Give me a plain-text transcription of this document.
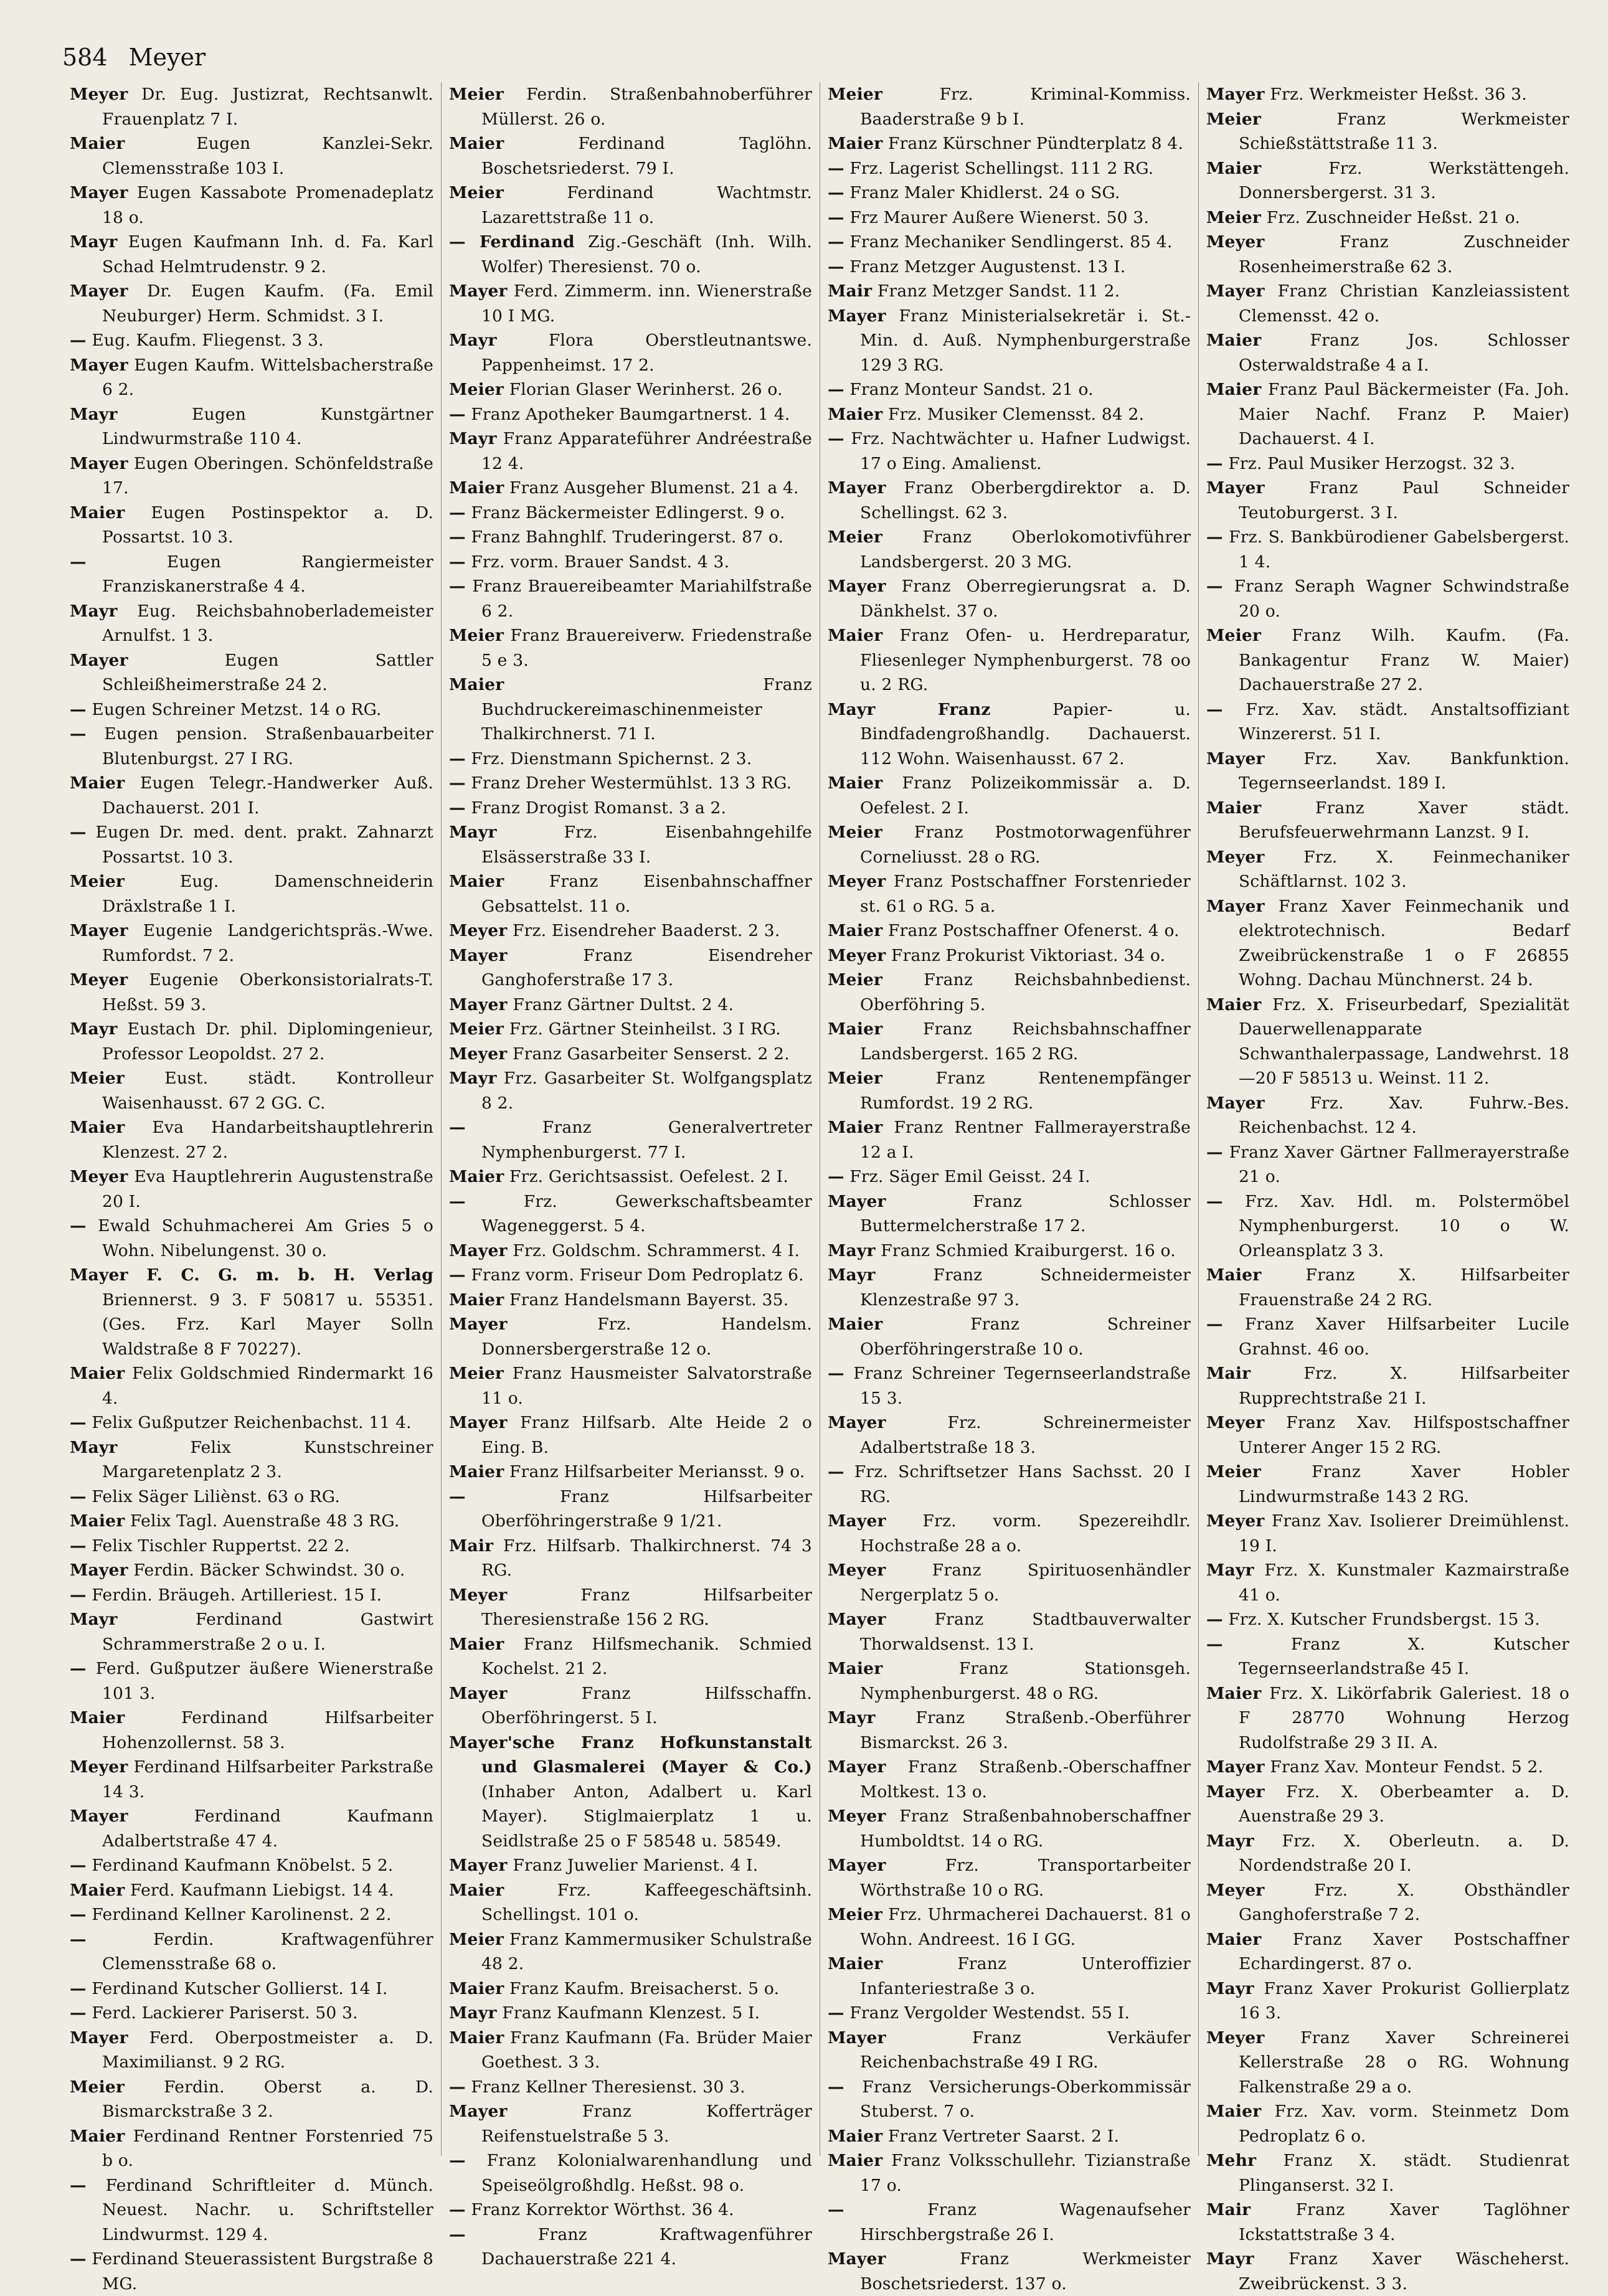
584 Meyer
Meyer Dr. Eug. Justizrat, Rechtsanwlt. Frauenplatz 7 I.
Maier	Eugen Kanzlei-Sekr. Clemensstraße 103 I.
Mayer Eugen Kassabote Promenadeplatz 18 o.
Mayr Eugen Kaufmann Inh. d. Fa. Karl Schad Helmtrudenstr. 9 2.
Mayer Dr. Eugen Kaufm. (Fa. Emil Neuburger) Herm. Schmidst. 3 I.
— Eug. Kaufm. Fliegenst. 3 3.
Mayer Eugen Kaufm. Wittelsbacherstraße 6 2.
Mayr	Eugen Kunstgärtner Lindwurmstraße 110 4.
Mayer Eugen Oberingen. Schönfeldstraße 17.
Maier Eugen Postinspektor a. D. Possartst. 10 3.
—	Eugen Rangiermeister Franziskanerstraße 4 4.
Mayr Eug. Reichsbahnoberlademeister Arnulfst. 1 3.
Mayer	Eugen Sattler Schleißheimerstraße 24 2.
— Eugen Schreiner Metzst. 14 o RG.
— Eugen pension. Straßenbauarbeiter Blutenburgst. 27 I RG.
Maier Eugen Telegr.-Handwerker Auß. Dachauerst. 201 I.
— Eugen Dr. med. dent. prakt. Zahnarzt Possartst. 10 3.
Meier	Eug. Damenschneiderin Dräxlstraße 1 I.
Mayer Eugenie Landgerichtspräs.-Wwe. Rumfordst. 7 2.
Meyer Eugenie Oberkonsistorialrats-T. Heßst. 59 3.
Mayr Eustach Dr. phil. Diplomingenieur, Professor Leopoldst. 27 2.
Meier Eust. städt. Kontrolleur Waisenhausst. 67 2 GG. C.
Maier Eva Handarbeitshauptlehrerin Klenzest. 27 2.
Meyer Eva Hauptlehrerin Augustenstraße 20 I.
— Ewald Schuhmacherei Am Gries 5 o Wohn. Nibelungenst. 30 o.
Mayer F. C. G. m. b. H. Verlag Briennerst. 9 3. F 50817 u. 55351. (Ges. Frz. Karl Mayer Solln Waldstraße 8 F 70227).
Maier Felix Goldschmied Rindermarkt 16 4.
— Felix Gußputzer Reichenbachst. 11 4.
Mayr	Felix Kunstschreiner Margaretenplatz 2 3.
— Felix Säger Liliènst. 63 o RG.
Maier Felix Tagl. Auenstraße 48 3 RG.
— Felix Tischler Ruppertst. 22 2.
Mayer Ferdin. Bäcker Schwindst. 30 o.
— Ferdin. Bräugeh. Artilleriest. 15 I.
Mayr	Ferdinand Gastwirt Schrammerstraße 2 o u. I.
— Ferd. Gußputzer äußere Wienerstraße 101 3.
Maier	Ferdinand Hilfsarbeiter Hohenzollernst. 58 3.
Meyer Ferdinand Hilfsarbeiter Parkstraße 14 3.
Mayer	Ferdinand Kaufmann Adalbertstraße 47 4.
— Ferdinand Kaufmann Knöbelst. 5 2.
Maier Ferd. Kaufmann Liebigst. 14 4.
— Ferdinand Kellner Karolinenst. 2 2.
—	Ferdin. Kraftwagenführer Clemensstraße 68 o.
— Ferdinand Kutscher Gollierst. 14 I.
— Ferd. Lackierer Pariserst. 50 3.
Mayer Ferd. Oberpostmeister a. D. Maximilianst. 9 2 RG.
Meier Ferdin. Oberst a. D. Bismarckstraße 3 2.
Maier Ferdinand Rentner Forstenried 75 b o.
— Ferdinand Schriftleiter d. Münch. Neuest. Nachr. u. Schriftsteller Lindwurmst. 129 4.
— Ferdinand Steuerassistent Burgstraße 8 MG.
Meier Ferdin. Straßenbahnoberführer Müllerst. 26 o.
Maier	Ferdinand Taglöhn. Boschetsriederst. 79 I.
Meier	Ferdinand Wachtmstr. Lazarettstraße 11 o.
— Ferdinand Zig.-Geschäft (Inh. Wilh. Wolfer) Theresienst. 70 o.
Mayer Ferd. Zimmerm. inn. Wienerstraße 10 I MG.
Mayr	Flora Oberstleutnantswe. Pappenheimst. 17 2.
Meier Florian Glaser Werinherst. 26 o.
— Franz Apotheker Baumgartnerst. 1 4.
Mayr Franz Apparateführer Andréestraße 12 4.
Maier Franz Ausgeher Blumenst. 21 a 4.
— Franz Bäckermeister Edlingerst. 9 o.
— Franz Bahnghlf. Truderingerst. 87 o.
— Frz. vorm. Brauer Sandst. 4 3.
— Franz Brauereibeamter Mariahilfstraße 6 2.
Meier Franz Brauereiverw. Friedenstraße 5 e 3.
Maier	Franz Buchdruckereimaschinenmeister Thalkirchnerst. 71 I.
— Frz. Dienstmann Spichernst. 2 3.
— Franz Dreher Westermühlst. 13 3 RG.
— Franz Drogist Romanst. 3 a 2.
Mayr	Frz. Eisenbahngehilfe Elsässerstraße 33 I.
Maier	Franz Eisenbahnschaffner Gebsattelst. 11 o.
Meyer Frz. Eisendreher Baaderst. 2 3.
Mayer	Franz Eisendreher Ganghoferstraße 17 3.
Mayer Franz Gärtner Dultst. 2 4.
Meier Frz. Gärtner Steinheilst. 3 I RG.
Meyer Franz Gasarbeiter Senserst. 2 2.
Mayr Frz. Gasarbeiter St. Wolfgangsplatz 8 2.
—	Franz Generalvertreter Nymphenburgerst. 77 I.
Maier Frz. Gerichtsassist. Oefelest. 2 I.
—	Frz. Gewerkschaftsbeamter Wageneggerst. 5 4.
Mayer Frz. Goldschm. Schrammerst. 4 I.
— Franz vorm. Friseur Dom Pedroplatz 6.
Maier Franz Handelsmann Bayerst. 35.
Mayer	Frz. Handelsm. Donnersbergerstraße 12 o.
Meier Franz Hausmeister Salvatorstraße 11 o.
Mayer Franz Hilfsarb. Alte Heide 2 o Eing. B.
Maier Franz Hilfsarbeiter Meriansst. 9 o.
—	Franz Hilfsarbeiter Oberföhringerstraße 9 1/21.
Mair Frz. Hilfsarb. Thalkirchnerst. 74 3 RG.
Meyer	Franz Hilfsarbeiter Theresienstraße 156 2 RG.
Maier Franz Hilfsmechanik. Schmied Kochelst. 21 2.
Mayer	Franz Hilfsschaffn. Oberföhringerst. 5 I.
Mayer'sche Franz Hofkunstanstalt und Glasmalerei (Mayer & Co.) (Inhaber Anton, Adalbert u. Karl Mayer). Stiglmaierplatz 1 u. Seidlstraße 25 o F 58548 u. 58549.
Mayer Franz Juwelier Marienst. 4 I.
Maier	Frz. Kaffeegeschäftsinh. Schellingst. 101 o.
Meier Franz Kammermusiker Schulstraße 48 2.
Maier Franz Kaufm. Breisacherst. 5 o.
Mayr Franz Kaufmann Klenzest. 5 I.
Maier Franz Kaufmann (Fa. Brüder Maier Goethest. 3 3.
— Franz Kellner Theresienst. 30 3.
Mayer	Franz Kofferträger Reifenstuelstraße 5 3.
— Franz Kolonialwarenhandlung und Speiseölgroßhdlg. Heßst. 98 o.
— Franz Korrektor Wörthst. 36 4.
—	Franz Kraftwagenführer Dachauerstraße 221 4.
Meier	Frz. Kriminal-Kommiss. Baaderstraße 9 b I.
Maier Franz Kürschner Pündterplatz 8 4.
— Frz. Lagerist Schellingst. 111 2 RG.
— Franz Maler Khidlerst. 24 o SG.
— Frz Maurer Außere Wienerst. 50 3.
— Franz Mechaniker Sendlingerst. 85 4.
— Franz Metzger Augustenst. 13 I.
Mair Franz Metzger Sandst. 11 2.
Mayer Franz Ministerialsekretär i. St.-Min. d. Auß. Nymphenburgerstraße 129 3 RG.
— Franz Monteur Sandst. 21 o.
Maier Frz. Musiker Clemensst. 84 2.
— Frz. Nachtwächter u. Hafner Ludwigst. 17 o Eing. Amalienst.
Mayer Franz Oberbergdirektor a. D. Schellingst. 62 3.
Meier Franz Oberlokomotivführer Landsbergerst. 20 3 MG.
Mayer Franz Oberregierungsrat a. D. Dänkhelst. 37 o.
Maier Franz Ofen- u. Herdreparatur, Fliesenleger Nymphenburgerst. 78 oo u. 2 RG.
Mayr Franz	Papier- u. Bindfadengroßhandlg. Dachauerst. 112 Wohn. Waisenhausst. 67 2.
Maier Franz Polizeikommissär a. D. Oefelest. 2 I.
Meier Franz Postmotorwagenführer Corneliusst. 28 o RG.
Meyer Franz Postschaffner Forstenrieder st. 61 o RG. 5 a.
Maier Franz Postschaffner Ofenerst. 4 o.
Meyer Franz Prokurist Viktoriast. 34 o.
Meier Franz Reichsbahnbedienst. Oberföhring 5.
Maier Franz Reichsbahnschaffner Landsbergerst. 165 2 RG.
Meier	Franz Rentenempfänger Rumfordst. 19 2 RG.
Maier Franz Rentner Fallmerayerstraße 12 a I.
— Frz. Säger Emil Geisst. 24 I.
Mayer	Franz Schlosser Buttermelcherstraße 17 2.
Mayr Franz Schmied Kraiburgerst. 16 o.
Mayr	Franz Schneidermeister Klenzestraße 97 3.
Maier	Franz Schreiner Oberföhringerstraße 10 o.
— Franz Schreiner Tegernseerlandstraße 15 3.
Mayer	Frz. Schreinermeister Adalbertstraße 18 3.
— Frz. Schriftsetzer Hans Sachsst. 20 I RG.
Mayer Frz. vorm. Spezereihdlr. Hochstraße 28 a o.
Meyer	Franz Spirituosenhändler Nergerplatz 5 o.
Mayer	Franz Stadtbauverwalter Thorwaldsenst. 13 I.
Maier	Franz Stationsgeh. Nymphenburgerst. 48 o RG.
Mayr Franz Straßenb.-Oberführer Bismarckst. 26 3.
Mayer Franz Straßenb.-Oberschaffner Moltkest. 13 o.
Meyer Franz Straßenbahnoberschaffner Humboldtst. 14 o RG.
Mayer	Frz. Transportarbeiter Wörthstraße 10 o RG.
Meier Frz. Uhrmacherei Dachauerst. 81 o Wohn. Andreest. 16 I GG.
Maier	Franz Unteroffizier Infanteriestraße 3 o.
— Franz Vergolder Westendst. 55 I.
Mayer	Franz Verkäufer Reichenbachstraße 49 I RG.
— Franz Versicherungs-Oberkommissär Stuberst. 7 o.
Maier Franz Vertreter Saarst. 2 I.
Maier Franz Volksschullehr. Tizianstraße 17 o.
—	Franz Wagenaufseher Hirschbergstraße 26 I.
Mayer	Franz Werkmeister Boschetsriederst. 137 o.
Mayer Frz. Werkmeister Heßst. 36 3.
Meier	Franz Werkmeister Schießstättstraße 11 3.
Maier	Frz. Werkstättengeh. Donnersbergerst. 31 3.
Meier Frz. Zuschneider Heßst. 21 o.
Meyer	Franz Zuschneider Rosenheimerstraße 62 3.
Mayer Franz Christian Kanzleiassistent Clemensst. 42 o.
Maier	Franz Jos. Schlosser Osterwaldstraße 4 a I.
Maier Franz Paul Bäckermeister (Fa. Joh. Maier Nachf. Franz P. Maier) Dachauerst. 4 I.
— Frz. Paul Musiker Herzogst. 32 3.
Mayer	Franz Paul Schneider Teutoburgerst. 3 I.
— Frz. S. Bankbürodiener Gabelsbergerst. 1 4.
— Franz Seraph Wagner Schwindstraße 20 o.
Meier Franz Wilh. Kaufm. (Fa. Bankagentur Franz W. Maier) Dachauerstraße 27 2.
— Frz. Xav. städt. Anstaltsoffiziant Winzererst. 51 I.
Mayer Frz. Xav. Bankfunktion. Tegernseerlandst. 189 I.
Maier	Franz Xaver städt. Berufsfeuerwehrmann Lanzst. 9 I.
Meyer Frz. X. Feinmechaniker Schäftlarnst. 102 3.
Mayer Franz Xaver Feinmechanik und elektrotechnisch. Bedarf Zweibrückenstraße 1 o F 26855 Wohng. Dachau Münchnerst. 24 b.
Maier Frz. X. Friseurbedarf, Spezialität Dauerwellenapparate Schwanthalerpassage, Landwehrst. 18—20 F 58513 u. Weinst. 11 2.
Mayer	Frz. Xav. Fuhrw.-Bes. Reichenbachst. 12 4.
— Franz Xaver Gärtner Fallmerayerstraße 21 o.
— Frz. Xav. Hdl. m. Polstermöbel Nymphenburgerst. 10 o W. Orleansplatz 3 3.
Maier	Franz X. Hilfsarbeiter Frauenstraße 24 2 RG.
— Franz Xaver Hilfsarbeiter Lucile Grahnst. 46 oo.
Mair	Frz. X. Hilfsarbeiter Rupprechtstraße 21 I.
Meyer Franz Xav. Hilfspostschaffner Unterer Anger 15 2 RG.
Meier	Franz Xaver Hobler Lindwurmstraße 143 2 RG.
Meyer Franz Xav. Isolierer Dreimühlenst. 19 I.
Mayr Frz. X. Kunstmaler Kazmairstraße 41 o.
— Frz. X. Kutscher Frundsbergst. 15 3.
—	Franz X. Kutscher Tegernseerlandstraße 45 I.
Maier Frz. X. Likörfabrik Galeriest. 18 o F 28770 Wohnung Herzog Rudolfstraße 29 3 II. A.
Mayer Franz Xav. Monteur Fendst. 5 2.
Mayer Frz. X. Oberbeamter a. D. Auenstraße 29 3.
Mayr Frz. X. Oberleutn. a. D. Nordendstraße 20 I.
Meyer	Frz. X. Obsthändler Ganghoferstraße 7 2.
Maier Franz Xaver Postschaffner Echardingerst. 87 o.
Mayr Franz Xaver Prokurist Gollierplatz 16 3.
Meyer Franz Xaver Schreinerei Kellerstraße 28 o RG. Wohnung Falkenstraße 29 a o.
Maier Frz. Xav. vorm. Steinmetz Dom Pedroplatz 6 o.
Mehr Franz X. städt. Studienrat Plinganserst. 32 I.
Mair	Franz Xaver Taglöhner Ickstattstraße 3 4.
Mayr Franz Xaver Wäscheherst. Zweibrückenst. 3 3.
